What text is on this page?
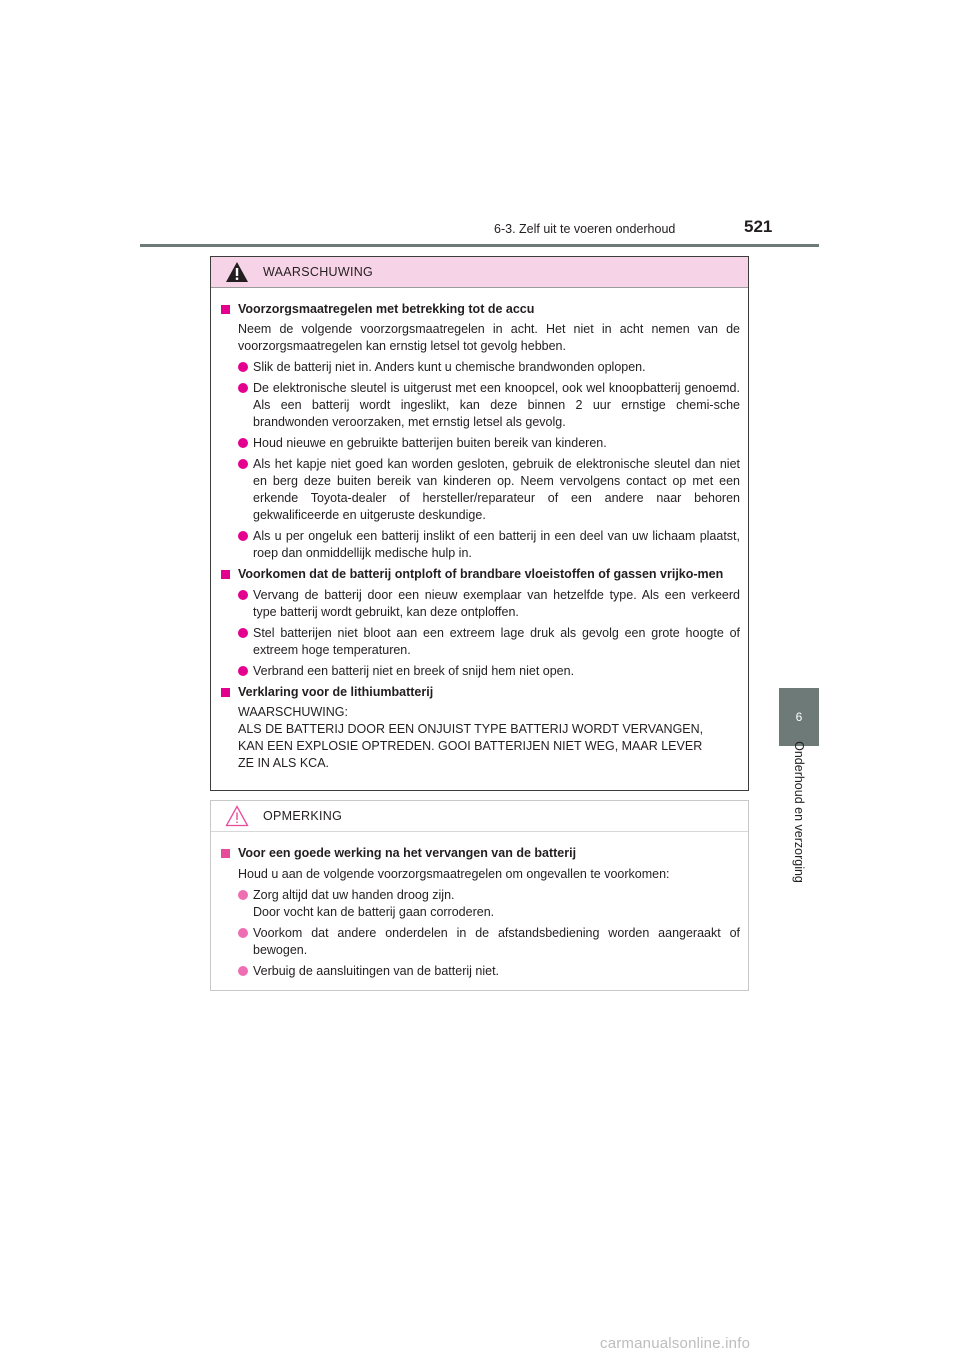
6-3. Zelf uit te voeren onderhoud	521
6
Onderhoud en verzorging
WAARSCHUWING
Voorzorgsmaatregelen met betrekking tot de accu
Neem de volgende voorzorgsmaatregelen in acht. Het niet in acht nemen van de voorzorgsmaatregelen kan ernstig letsel tot gevolg hebben.
Slik de batterij niet in. Anders kunt u chemische brandwonden oplopen.
De elektronische sleutel is uitgerust met een knoopcel, ook wel knoopbatterij genoemd. Als een batterij wordt ingeslikt, kan deze binnen 2 uur ernstige chemi-sche brandwonden veroorzaken, met ernstig letsel als gevolg.
Houd nieuwe en gebruikte batterijen buiten bereik van kinderen.
Als het kapje niet goed kan worden gesloten, gebruik de elektronische sleutel dan niet en berg deze buiten bereik van kinderen op. Neem vervolgens contact op met een erkende Toyota-dealer of hersteller/reparateur of een andere naar behoren gekwalificeerde en uitgeruste deskundige.
Als u per ongeluk een batterij inslikt of een batterij in een deel van uw lichaam plaatst, roep dan onmiddellijk medische hulp in.
Voorkomen dat de batterij ontploft of brandbare vloeistoffen of gassen vrijko-men
Vervang de batterij door een nieuw exemplaar van hetzelfde type. Als een verkeerd type batterij wordt gebruikt, kan deze ontploffen.
Stel batterijen niet bloot aan een extreem lage druk als gevolg een grote hoogte of extreem hoge temperaturen.
Verbrand een batterij niet en breek of snijd hem niet open.
Verklaring voor de lithiumbatterij
WAARSCHUWING:
ALS DE BATTERIJ DOOR EEN ONJUIST TYPE BATTERIJ WORDT VERVANGEN,
KAN EEN EXPLOSIE OPTREDEN. GOOI BATTERIJEN NIET WEG, MAAR LEVER
ZE IN ALS KCA.
OPMERKING
Voor een goede werking na het vervangen van de batterij
Houd u aan de volgende voorzorgsmaatregelen om ongevallen te voorkomen:
Zorg altijd dat uw handen droog zijn.
Door vocht kan de batterij gaan corroderen.
Voorkom dat andere onderdelen in de afstandsbediening worden aangeraakt of bewogen.
Verbuig de aansluitingen van de batterij niet.
carmanualsonline.info
